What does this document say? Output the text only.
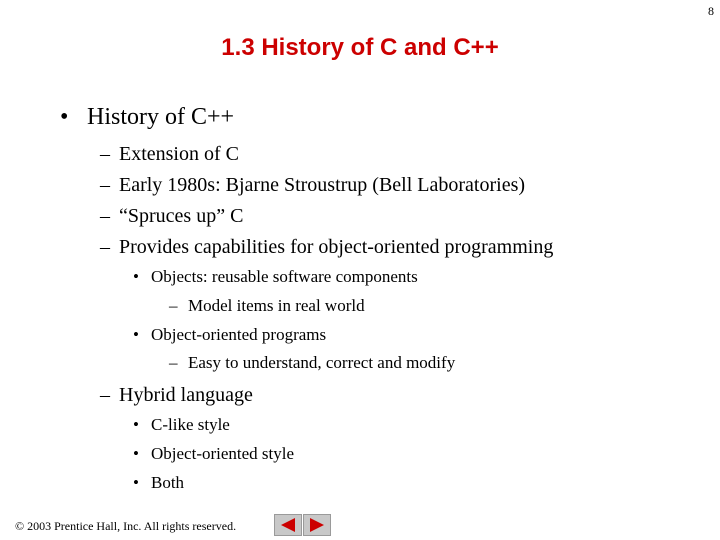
8
1.3 History of C and C++
• History of C++
– Extension of C
– Early 1980s: Bjarne Stroustrup (Bell Laboratories)
– “Spruces up” C
– Provides capabilities for object-oriented programming
• Objects: reusable software components
– Model items in real world
• Object-oriented programs
– Easy to understand, correct and modify
– Hybrid language
• C-like style
• Object-oriented style
• Both
© 2003 Prentice Hall, Inc. All rights reserved.
